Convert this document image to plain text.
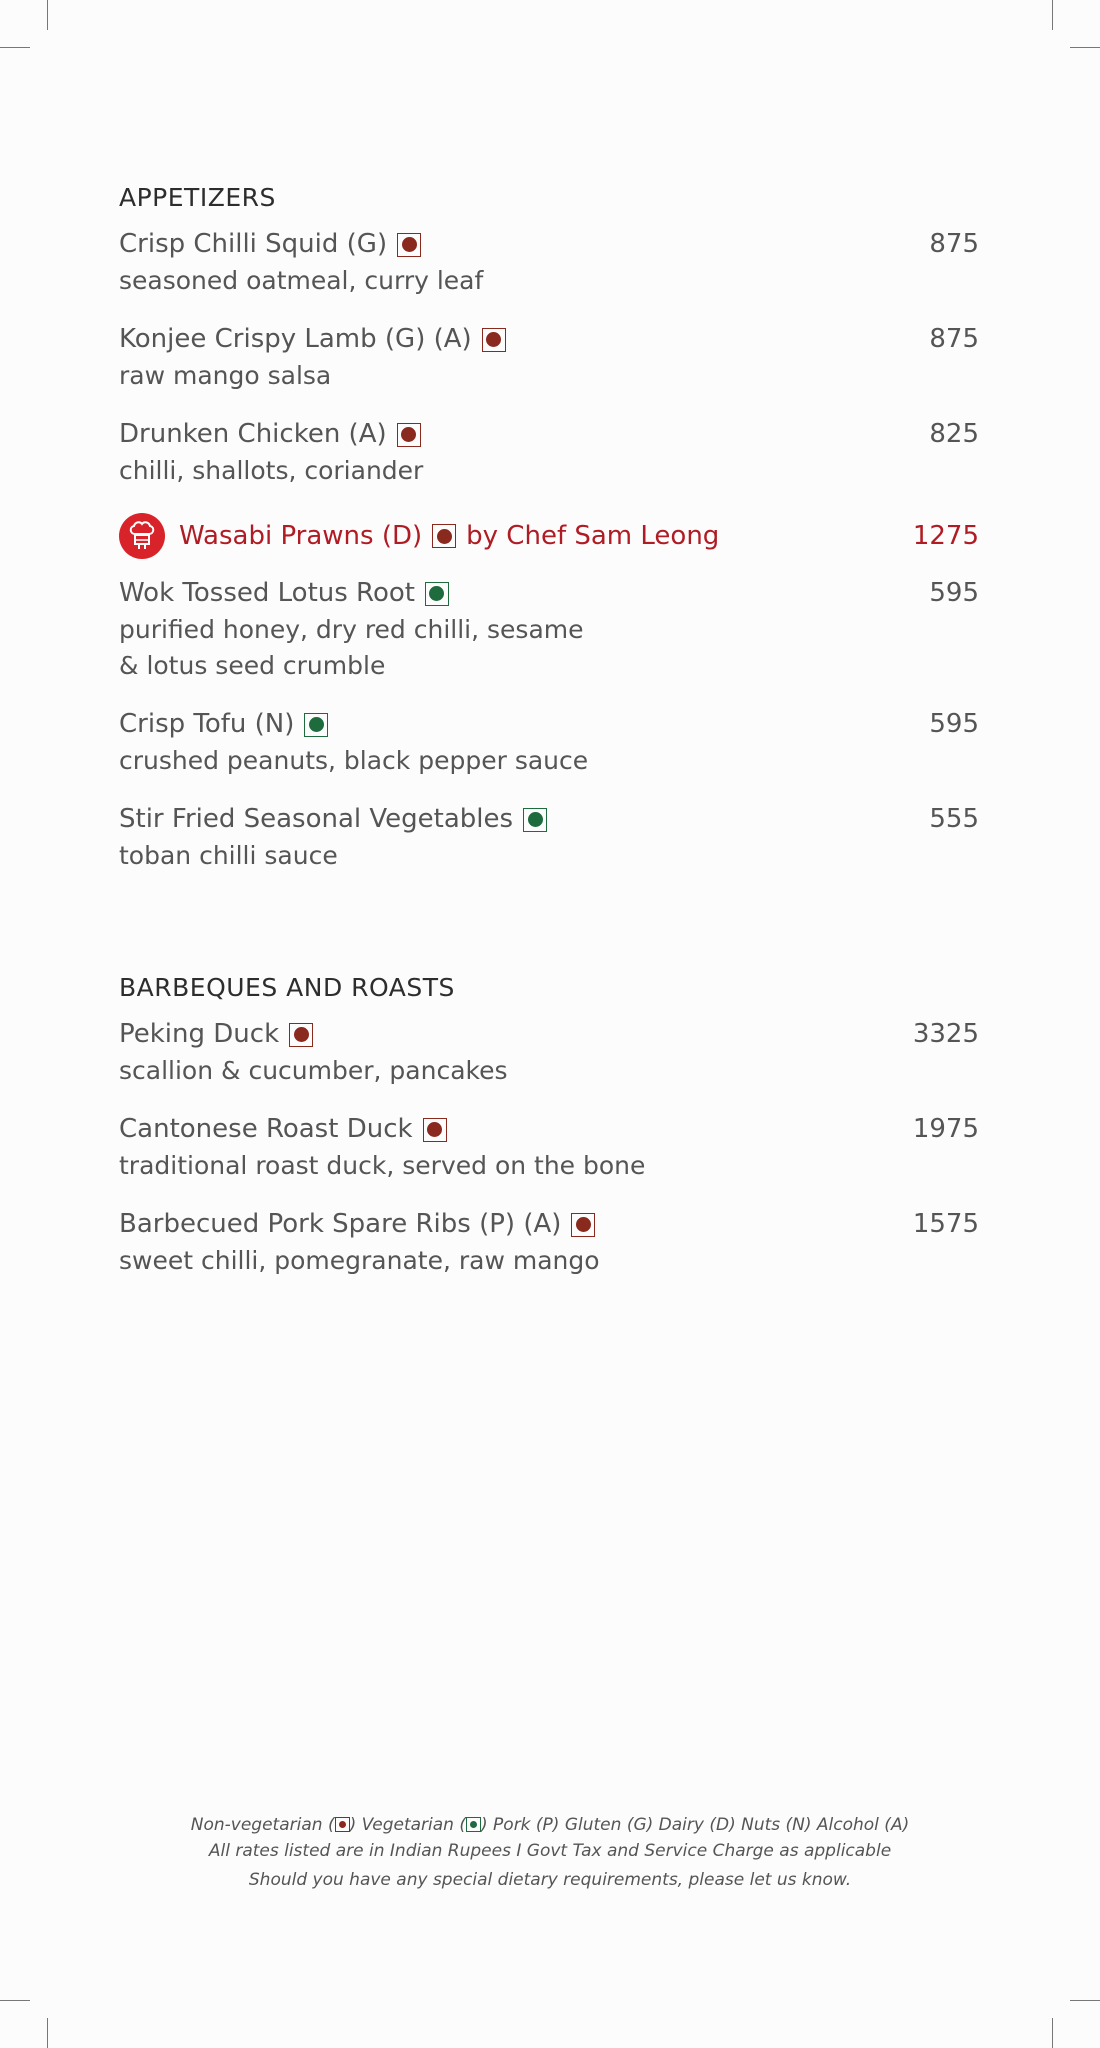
APPETIZERS
Crisp Chilli Squid (G)
seasoned oatmeal, curry leaf
875
Konjee Crispy Lamb (G) (A)
raw mango salsa
875
Drunken Chicken (A)
chilli, shallots, coriander
825
Wasabi Prawns (D) by Chef Sam Leong	1275
Wok Tossed Lotus Root
purified honey, dry red chilli, sesame & lotus seed crumble
595
Crisp Tofu (N)
crushed peanuts, black pepper sauce
595
Stir Fried Seasonal Vegetables
toban chilli sauce
555
BARBEQUES AND ROASTS
Peking Duck
scallion & cucumber, pancakes
3325
Cantonese Roast Duck
traditional roast duck, served on the bone
1975
Barbecued Pork Spare Ribs (P) (A)
sweet chilli, pomegranate, raw mango
1575
Non-vegetarian ( ) Vegetarian ( ) Pork (P) Gluten (G) Dairy (D) Nuts (N) Alcohol (A)
All rates listed are in Indian Rupees I Govt Tax and Service Charge as applicable
Should you have any special dietary requirements, please let us know.
